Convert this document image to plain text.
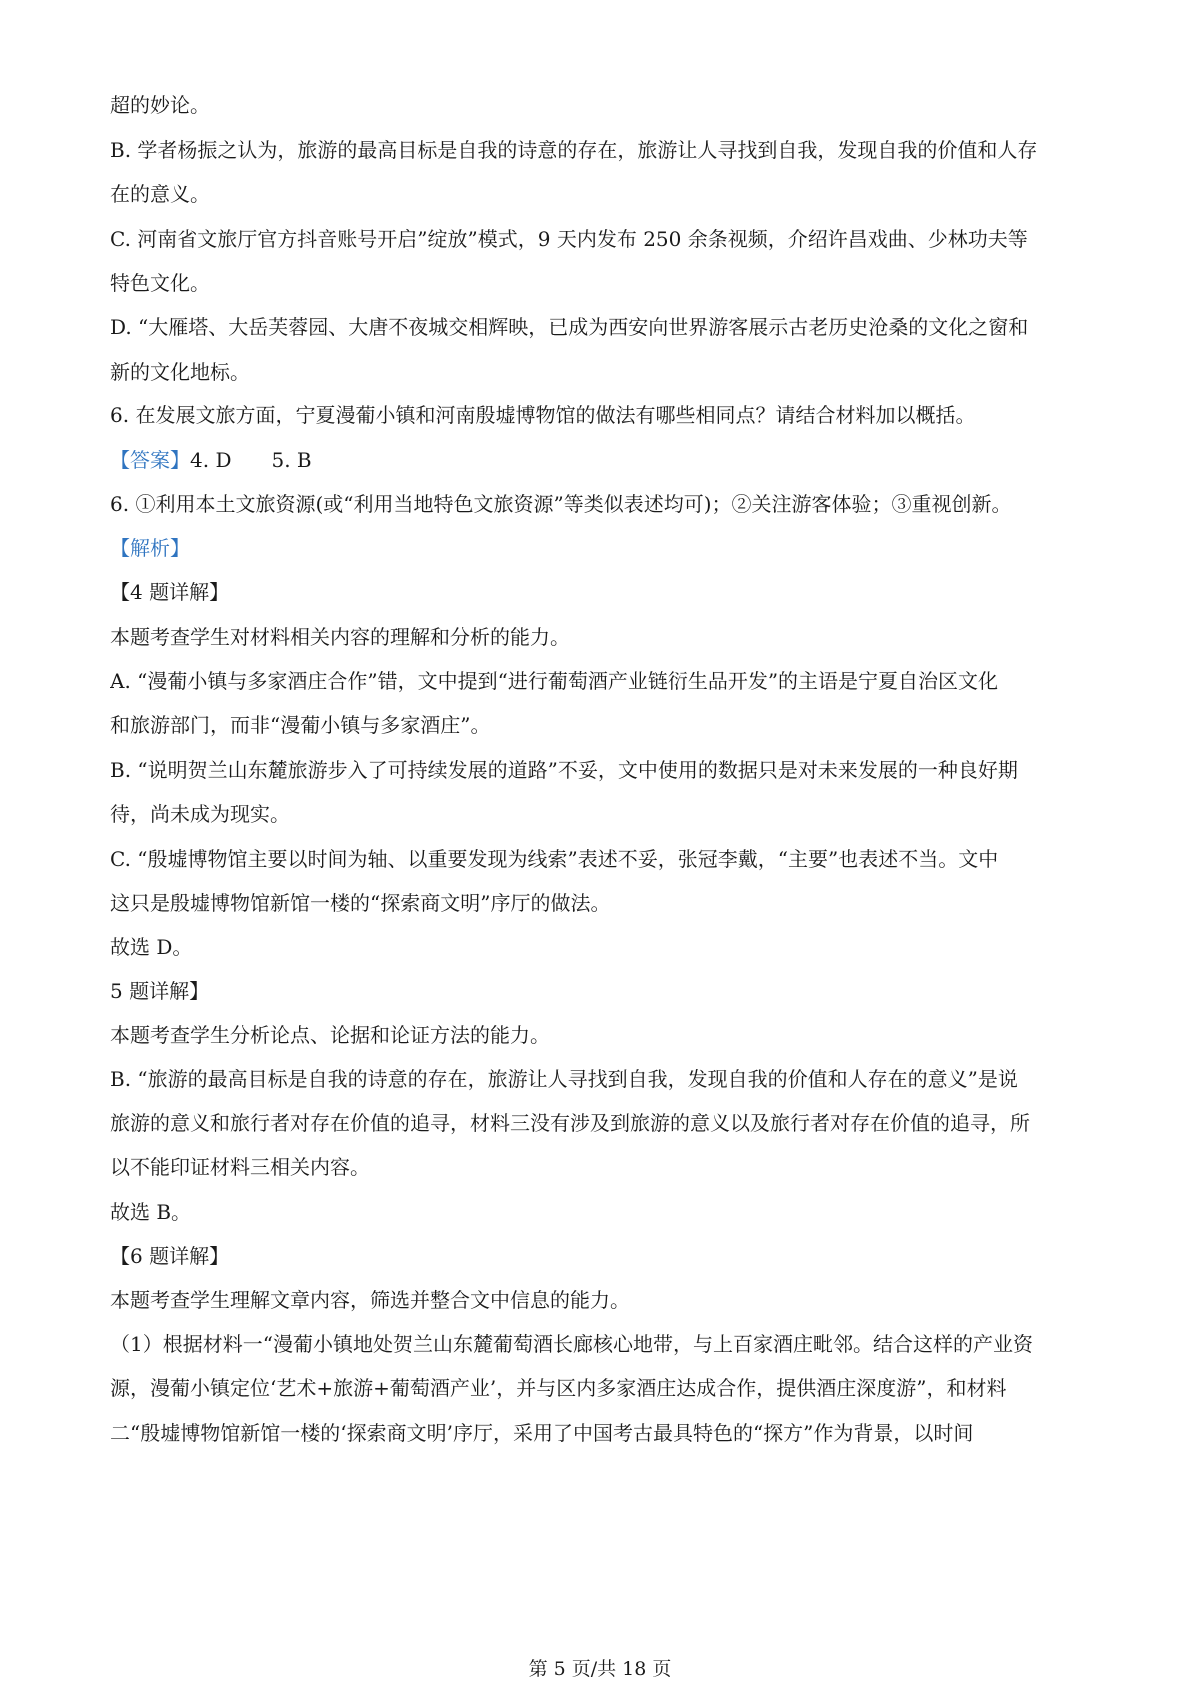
超的妙论。
B. 学者杨振之认为，旅游的最高目标是自我的诗意的存在，旅游让人寻找到自我，发现自我的价值和人存
在的意义。
C. 河南省文旅厅官方抖音账号开启”绽放”模式，9 天内发布 250 余条视频，介绍许昌戏曲、少林功夫等
特色文化。
D. “大雁塔、大岳芙蓉园、大唐不夜城交相辉映，已成为西安向世界游客展示古老历史沧桑的文化之窗和
新的文化地标。
6. 在发展文旅方面，宁夏漫葡小镇和河南殷墟博物馆的做法有哪些相同点？请结合材料加以概括。
【答案】4. D　　5. B
6. ①利用本土文旅资源(或“利用当地特色文旅资源”等类似表述均可)；②关注游客体验；③重视创新。
【解析】
【4 题详解】
本题考查学生对材料相关内容的理解和分析的能力。
A. “漫葡小镇与多家酒庄合作”错，文中提到“进行葡萄酒产业链衍生品开发”的主语是宁夏自治区文化
和旅游部门，而非“漫葡小镇与多家酒庄”。
B. “说明贺兰山东麓旅游步入了可持续发展的道路”不妥，文中使用的数据只是对未来发展的一种良好期
待，尚未成为现实。
C. “殷墟博物馆主要以时间为轴、以重要发现为线索”表述不妥，张冠李戴，“主要”也表述不当。文中
这只是殷墟博物馆新馆一楼的“探索商文明”序厅的做法。
故选 D。
5 题详解】
本题考查学生分析论点、论据和论证方法的能力。
B. “旅游的最高目标是自我的诗意的存在，旅游让人寻找到自我，发现自我的价值和人存在的意义”是说
旅游的意义和旅行者对存在价值的追寻，材料三没有涉及到旅游的意义以及旅行者对存在价值的追寻，所
以不能印证材料三相关内容。
故选 B。
【6 题详解】
本题考查学生理解文章内容，筛选并整合文中信息的能力。
（1）根据材料一“漫葡小镇地处贺兰山东麓葡萄酒长廊核心地带，与上百家酒庄毗邻。结合这样的产业资
源，漫葡小镇定位‘艺术+旅游+葡萄酒产业’，并与区内多家酒庄达成合作，提供酒庄深度游”，和材料
二“殷墟博物馆新馆一楼的‘探索商文明’序厅，采用了中国考古最具特色的“探方”作为背景，以时间
第 5 页/共 18 页
